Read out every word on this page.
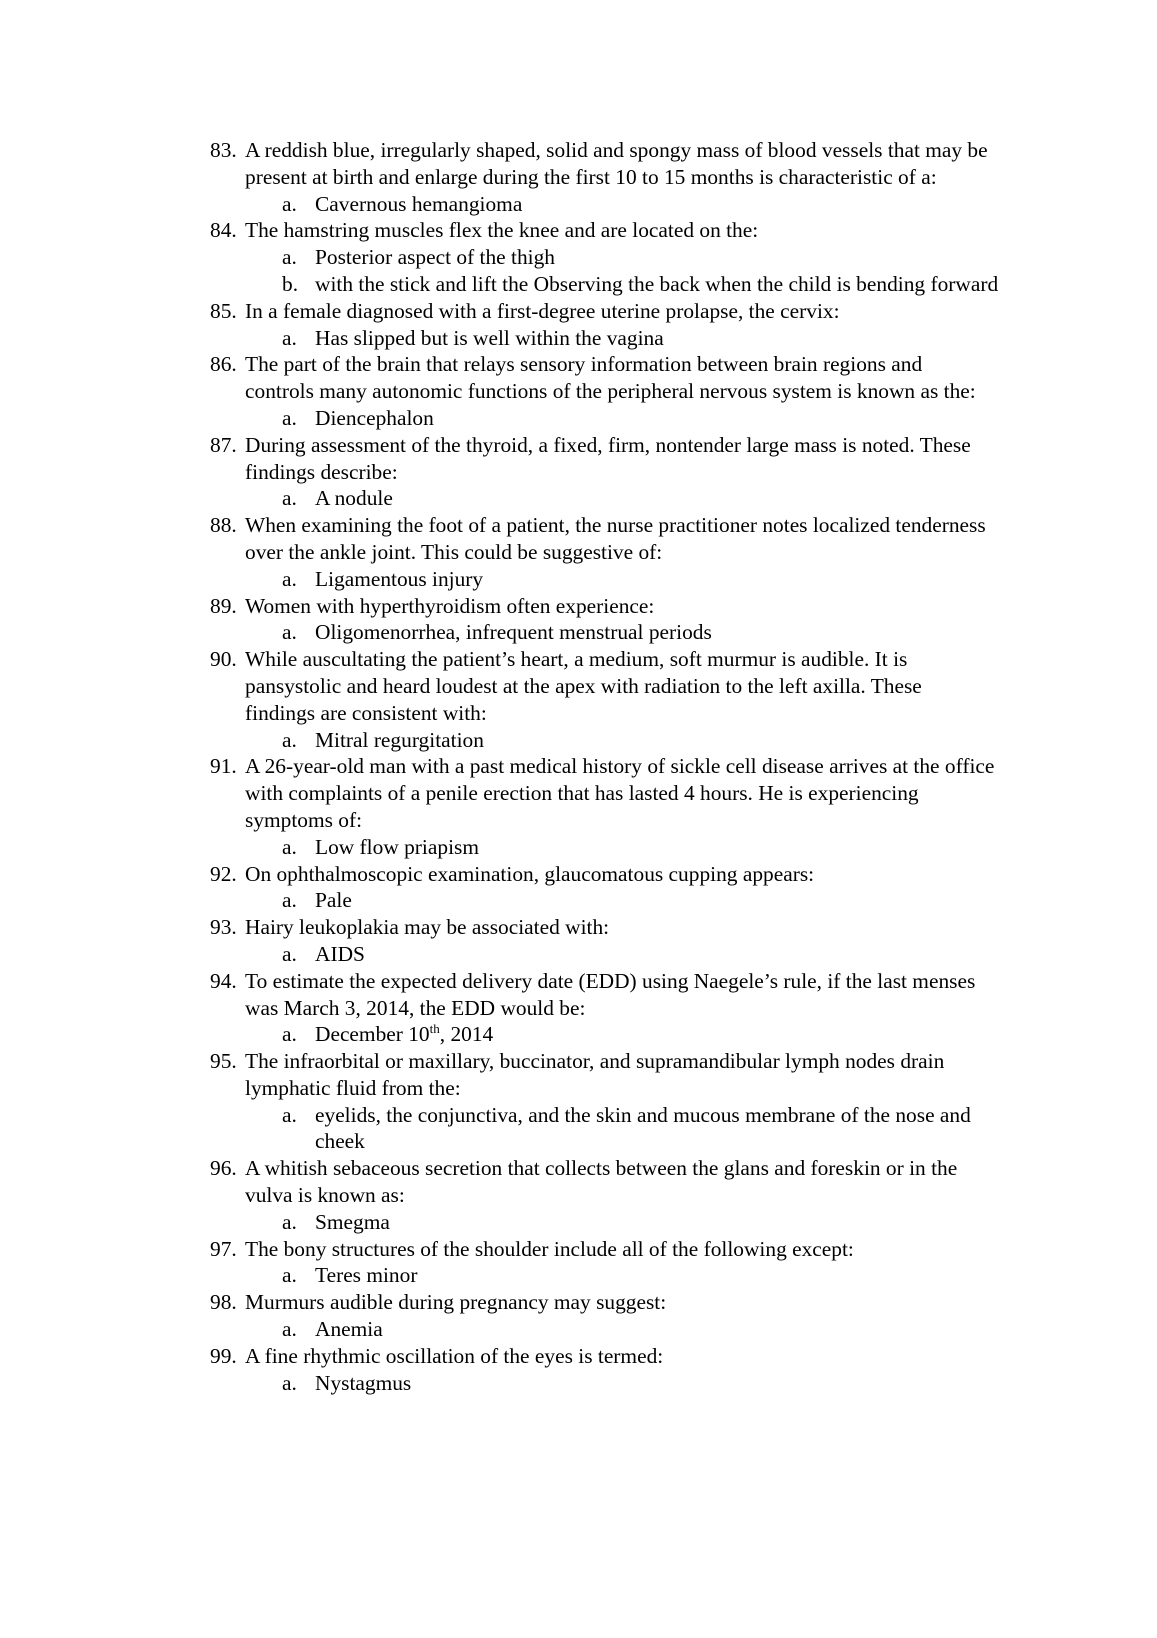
83. A reddish blue, irregularly shaped, solid and spongy mass of blood vessels that may be present at birth and enlarge during the first 10 to 15 months is characteristic of a:
a. Cavernous hemangioma
84. The hamstring muscles flex the knee and are located on the:
a. Posterior aspect of the thigh
b. with the stick and lift the Observing the back when the child is bending forward
85. In a female diagnosed with a first-degree uterine prolapse, the cervix:
a. Has slipped but is well within the vagina
86. The part of the brain that relays sensory information between brain regions and controls many autonomic functions of the peripheral nervous system is known as the:
a. Diencephalon
87. During assessment of the thyroid, a fixed, firm, nontender large mass is noted. These findings describe:
a. A nodule
88. When examining the foot of a patient, the nurse practitioner notes localized tenderness over the ankle joint. This could be suggestive of:
a. Ligamentous injury
89. Women with hyperthyroidism often experience:
a. Oligomenorrhea, infrequent menstrual periods
90. While auscultating the patient’s heart, a medium, soft murmur is audible. It is pansystolic and heard loudest at the apex with radiation to the left axilla. These findings are consistent with:
a. Mitral regurgitation
91. A 26-year-old man with a past medical history of sickle cell disease arrives at the office with complaints of a penile erection that has lasted 4 hours. He is experiencing symptoms of:
a. Low flow priapism
92. On ophthalmoscopic examination, glaucomatous cupping appears:
a. Pale
93. Hairy leukoplakia may be associated with:
a. AIDS
94. To estimate the expected delivery date (EDD) using Naegele’s rule, if the last menses was March 3, 2014, the EDD would be:
a. December 10th, 2014
95. The infraorbital or maxillary, buccinator, and supramandibular lymph nodes drain lymphatic fluid from the:
a. eyelids, the conjunctiva, and the skin and mucous membrane of the nose and cheek
96. A whitish sebaceous secretion that collects between the glans and foreskin or in the vulva is known as:
a. Smegma
97. The bony structures of the shoulder include all of the following except:
a. Teres minor
98. Murmurs audible during pregnancy may suggest:
a. Anemia
99. A fine rhythmic oscillation of the eyes is termed:
a. Nystagmus
